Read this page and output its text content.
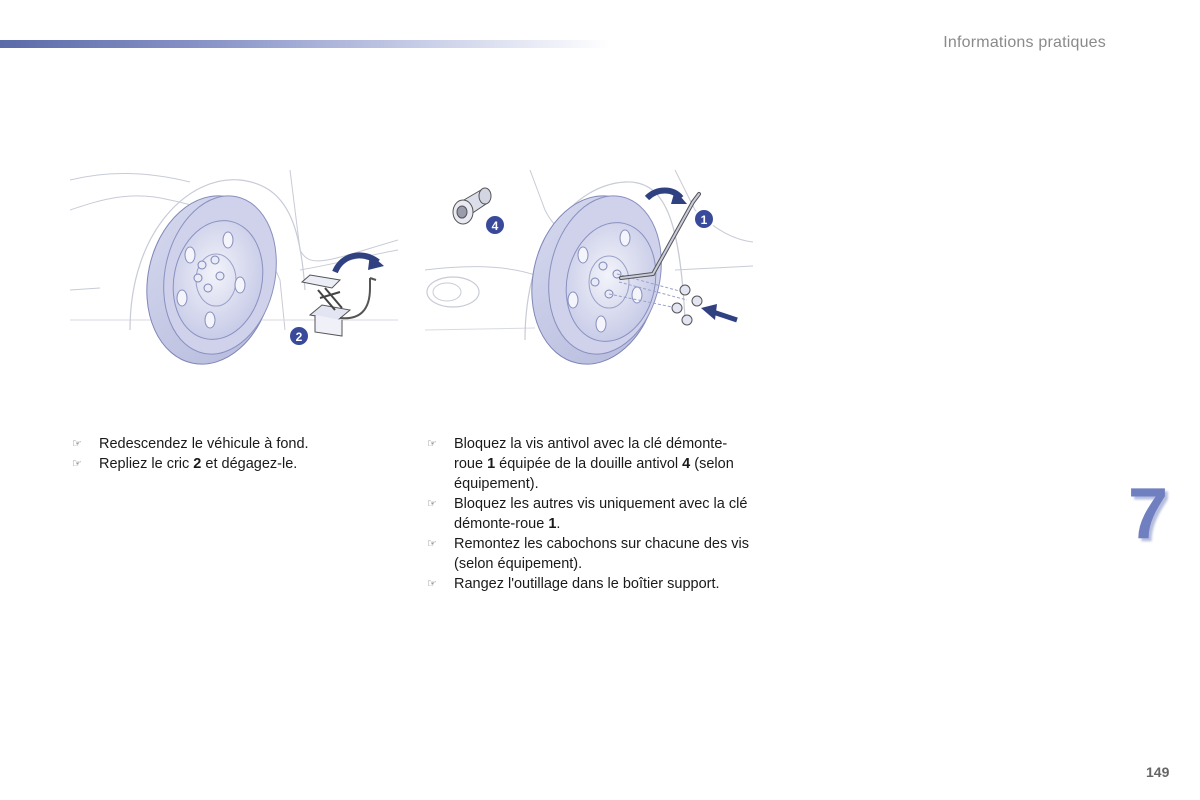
Informations pratiques
2
4	1
☞ Redescendez le véhicule à fond.
☞ Repliez le cric 2 et dégagez-le.
☞ Bloquez la vis antivol avec la clé démonte-roue 1 équipée de la douille antivol 4 (selon équipement).
☞ Bloquez les autres vis uniquement avec la clé démonte-roue 1.
☞ Remontez les cabochons sur chacune des vis (selon équipement).
☞ Rangez l'outillage dans le boîtier support.
7
149
